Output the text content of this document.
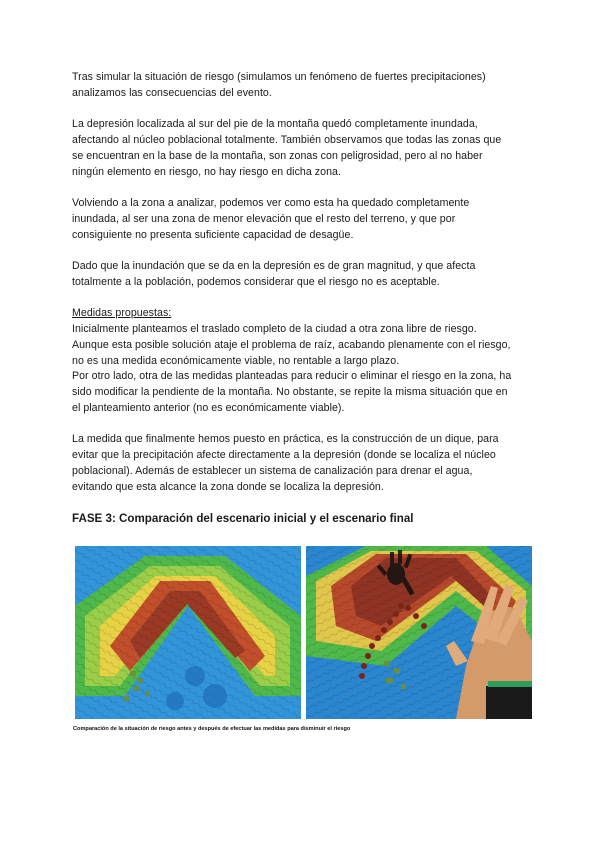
Tras simular la situación de riesgo (simulamos un fenómeno de fuertes precipitaciones)
analizamos las consecuencias del evento.
La depresión localizada al sur del pie de la montaña quedó completamente inundada,
afectando al núcleo poblacional totalmente. También observamos que todas las zonas que
se encuentran en la base de la montaña, son zonas con peligrosidad, pero al no haber
ningún elemento en riesgo, no hay riesgo en dicha zona.
Volviendo a la zona a analizar, podemos ver como esta ha quedado completamente
inundada, al ser una zona de menor elevación que el resto del terreno, y que por
consiguiente no presenta suficiente capacidad de desagüe.
Dado que la inundación que se da en la depresión es de gran magnitud, y que afecta
totalmente a la población, podemos considerar que el riesgo no es aceptable.
Medidas propuestas:
Inicialmente planteamos el traslado completo de la ciudad a otra zona libre de riesgo.
Aunque esta posible solución ataje el problema de raíz, acabando plenamente con el riesgo,
no es una medida económicamente viable, no rentable a largo plazo.
Por otro lado, otra de las medidas planteadas para reducir o eliminar el riesgo en la zona, ha
sido modificar la pendiente de la montaña. No obstante, se repite la misma situación que en
el planteamiento anterior (no es económicamente viable).
La medida que finalmente hemos puesto en práctica, es la construcción de un dique, para
evitar que la precipitación afecte directamente a la depresión (donde se localiza el núcleo
poblacional). Además de establecer un sistema de canalización para drenar el agua,
evitando que esta alcance la zona donde se localiza la depresión.
FASE 3: Comparación del escenario inicial y el escenario final
Comparación de la situación de riesgo antes y después de efectuar las medidas para disminuir el riesgo
